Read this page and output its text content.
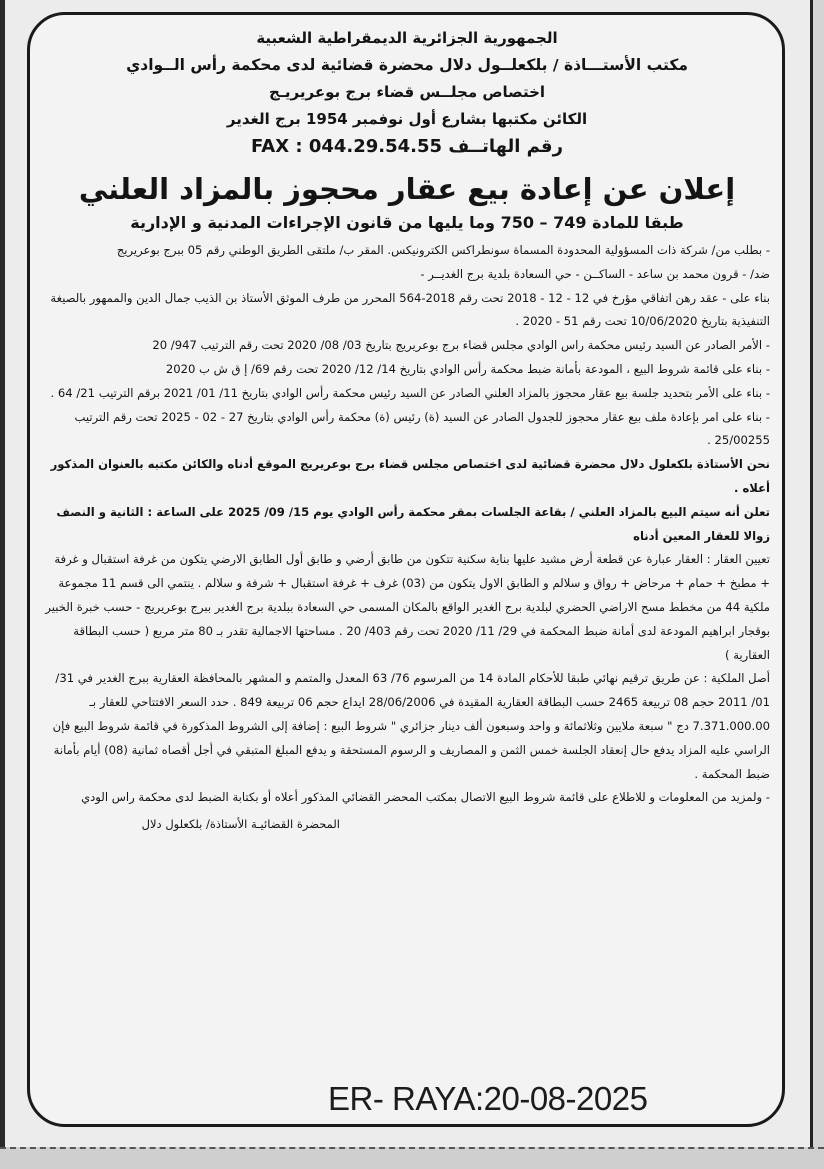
الجمهورية الجزائرية الديمقراطية الشعبية
مكتب الأستـــاذة / بلكعلــول دلال محضرة قضائية لدى محكمة رأس الــوادي
اختصاص مجلــس قضاء برج بوعريريـج
الكائن مكتبها بشارع أول نوفمبر 1954 برج الغدير
رقم الهاتــف FAX : 044.29.54.55
إعلان عن إعادة بيع عقار محجوز بالمزاد العلني
طبقا للمادة 749 – 750 وما يليها من قانون الإجراءات المدنية و الإدارية

- بطلب من/ شركة ذات المسؤولية المحدودة المسماة سونطراكس الكترونيكس. المقر ب/ ملتقى الطريق الوطني رقم 05 ببرج بوعريريج

ضد/ - قرون محمد بن ساعد - الساكــن - حي السعادة بلدية برج الغديــر -

بناء على - عقد رهن اتفاقي مؤرخ في 12 - 12 - 2018 تحت رقم 2018-564 المحرر من طرف الموثق الأستاذ بن الذيب جمال الدين والممهور بالصيغة التنفيذية بتاريخ 10/06/2020 تحت رقم 51 - 2020 .

- الأمر الصادر عن السيد رئيس محكمة راس الوادي مجلس قضاء برج بوعريريج بتاريخ 03/ 08/ 2020 تحت رقم الترتيب 947/ 20

- بناء على قائمة شروط البيع ، المودعة بأمانة ضبط محكمة رأس الوادي بتاريخ 14/ 12/ 2020 تحت رقم 69/ إ ق ش ب 2020

- بناء على الأمر بتحديد جلسة بيع عقار محجوز بالمزاد العلني الصادر عن السيد رئيس محكمة رأس الوادي بتاريخ 11/ 01/ 2021 برقم الترتيب 21/ 64 .

- بناء على امر بإعادة ملف بيع عقار محجوز للجدول الصادر عن السيد (ة) رئيس (ة) محكمة رأس الوادي بتاريخ 27 - 02 - 2025 تحت رقم الترتيب 25/00255 .

نحن الأستاذة بلكعلول دلال محضرة قضائية لدى اختصاص مجلس قضاء برج بوعريريج الموقع أدناه والكائن مكتبه بالعنوان المذكور أعلاه .

تعلن أنه سيتم البيع بالمزاد العلني / بقاعة الجلسات بمقر محكمة رأس الوادي يوم 15/ 09/ 2025 على الساعة : الثانية و النصف زوالا للعقار المعين أدناه

تعيين العقار : العقار عبارة عن قطعة أرض مشيد عليها بناية سكنية تتكون من طابق أرضي و طابق أول الطابق الارضي يتكون من غرفة استقبال و غرفة + مطبخ + حمام + مرحاض + رواق و سلالم و الطابق الاول يتكون من (03) غرف + غرفة استقبال + شرفة و سلالم . ينتمي الى قسم 11 مجموعة ملكية 44 من مخطط مسح الاراضي الحضري لبلدية برج الغدير الواقع بالمكان المسمى حي السعادة ببلدية برج الغدير ببرج بوعريريج - حسب خبرة الخبير بوقجار ابراهيم المودعة لدى أمانة ضبط المحكمة في 29/ 11/ 2020 تحت رقم 403/ 20 . مساحتها الاجمالية تقدر بـ 80 متر مربع ( حسب البطاقة العقارية )

أصل الملكية : عن طريق ترقيم نهائي طبقا للأحكام المادة 14 من المرسوم 76/ 63 المعدل والمتمم و المشهر بالمحافظة العقارية ببرج الغدير في 31/ 01/ 2011 حجم 08 تربيعة 2465 حسب البطاقة العقارية المقيدة في 28/06/2006 ايداع حجم 06 تربيعة 849 . حدد السعر الافتتاحي للعقار بـ 7.371.000.00 دج " سبعة ملايين وثلاثمائة و واحد وسبعون ألف دينار جزائري " شروط البيع : إضافة إلى الشروط المذكورة في قائمة شروط البيع فإن الراسي عليه المزاد يدفع حال إنعقاد الجلسة خمس الثمن و المصاريف و الرسوم المستحقة و يدفع المبلغ المتبقي في أجل أقصاه ثمانية (08) أيام بأمانة ضبط المحكمة .

- ولمزيد من المعلومات و للاطلاع على قائمة شروط البيع الاتصال بمكتب المحضر القضائي المذكور أعلاه أو بكتابة الضبط لدى محكمة راس الودي

المحضرة القضائيـة الأستاذة/ بلكعلول دلال
ER- RAYA:20-08-2025
